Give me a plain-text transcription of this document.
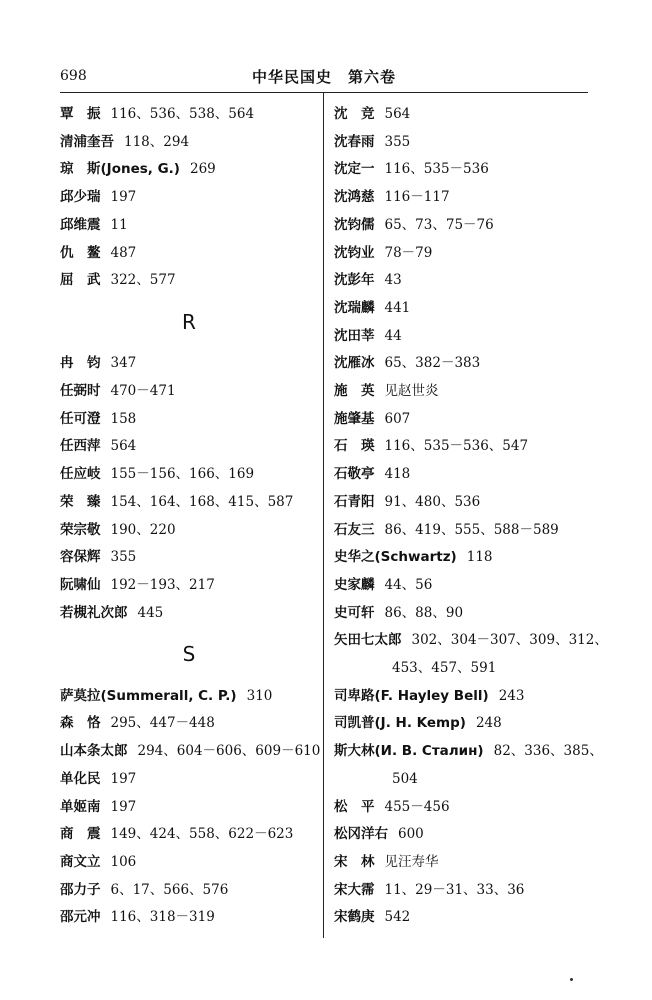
698	中华民国史　第六卷
覃　振 116、536、538、564
清浦奎吾 118、294
琼　斯(Jones, G.) 269
邱少瑞 197
邱维震 11
仇　鳌 487
屈　武 322、577
R
冉　钧 347
任弼时 470－471
任可澄 158
任西萍 564
任应岐 155－156、166、169
荣　臻 154、164、168、415、587
荣宗敬 190、220
容保辉 355
阮啸仙 192－193、217
若槻礼次郎 445
S
萨莫拉(Summerall, C. P.) 310
森　恪 295、447－448
山本条太郎 294、604－606、609－610
单化民 197
单姬南 197
商　震 149、424、558、622－623
商文立 106
邵力子 6、17、566、576
邵元冲 116、318－319
沈　竞 564
沈春雨 355
沈定一 116、535－536
沈鸿慈 116－117
沈钧儒 65、73、75－76
沈钧业 78－79
沈彭年 43
沈瑞麟 441
沈田莘 44
沈雁冰 65、382－383
施　英 见赵世炎
施肇基 607
石　瑛 116、535－536、547
石敬亭 418
石青阳 91、480、536
石友三 86、419、555、588－589
史华之(Schwartz) 118
史家麟 44、56
史可轩 86、88、90
矢田七太郎 302、304－307、309、312、
453、457、591
司卑路(F. Hayley Bell) 243
司凯普(J. H. Kemp) 248
斯大林(И. В. Сталин) 82、336、385、
504
松　平 455－456
松冈洋右 600
宋　林 见汪寿华
宋大霈 11、29－31、33、36
宋鹤庚 542
